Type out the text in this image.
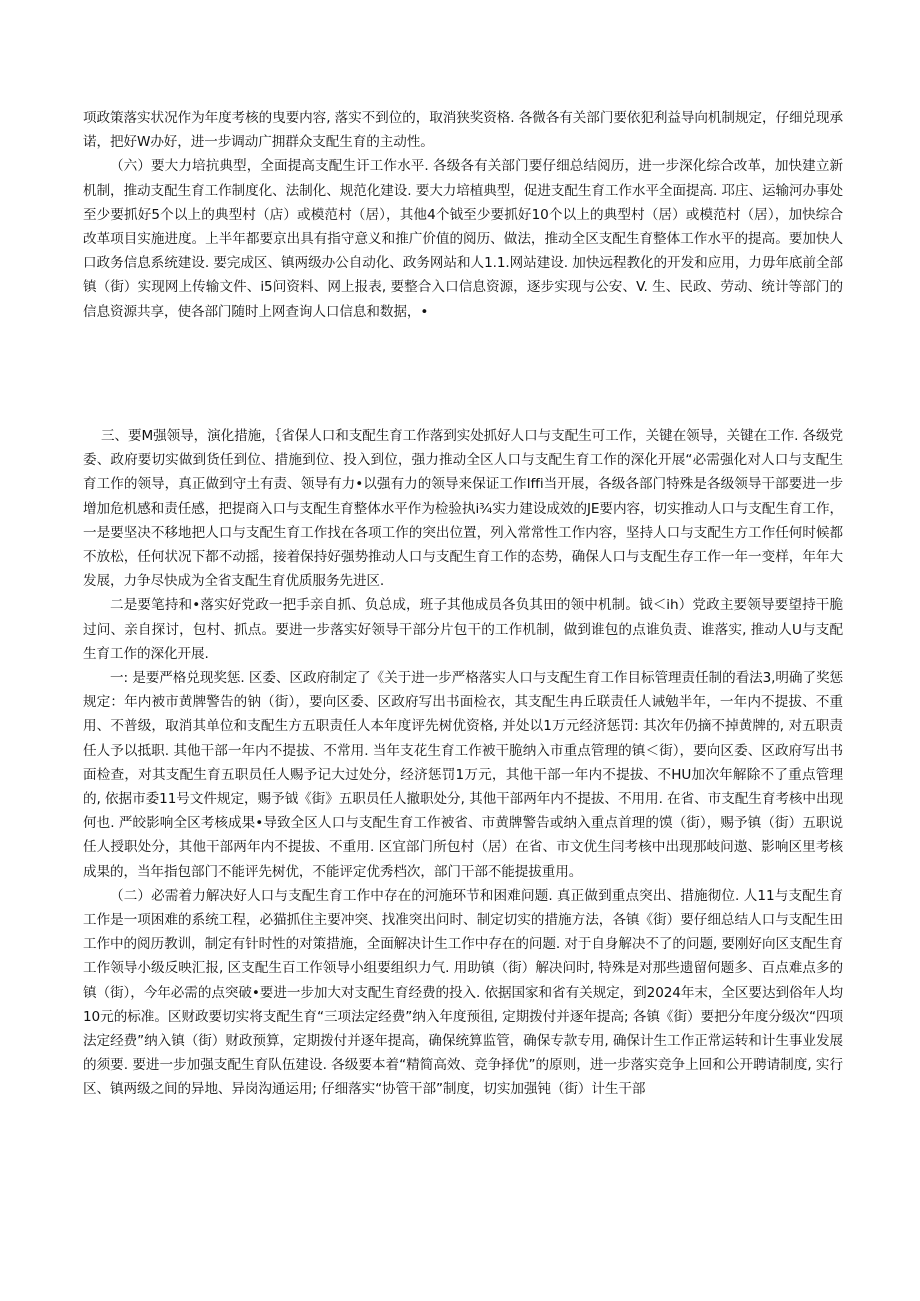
项政策落实状况作为年度考核的曳要内容, 落实不到位的，取消狭奖资格. 各微各有关部门要依犯利益导向机制规定，仔细兑现承诺，把好W办好，进一步调动广拥群众支配生育的主动性。

（六）要大力培抗典型，全面提高支配生讦工作水平. 各级各有关部门要仔细总结阅历，进一步深化综合改革，加快建立新机制，推动支配生育工作制度化、法制化、规范化建设. 要大力培植典型，促进支配生育工作水平全面提高. 邛庄、运输河办事处至少要抓好5个以上的典型村（店）或模范村（居），其他4个钺至少要抓好10个以上的典型村（居）或模范村（居），加快综合改革项目实施进度。上半年都要京出具有指守意义和推广价值的阅历、做法，推动全区支配生育整体工作水平的提高。要加快人口政务信息系统建设. 要完成区、镇两级办公自动化、政务网站和人1.1.网站建设. 加快远程教化的开发和应用，力毋年底前全部镇（街）实现网上传输文件、i5问资料、网上报表, 要整合入口信息资源，逐步实现与公安、V. 生、民政、劳动、统计等部门的信息资源共享，使各部门随时上网查询人口信息和数据，•

三、要M强领导，演化措施，｛省保人口和支配生育工作落到实处抓好人口与支配生可工作，关键在领导，关键在工作. 各级党委、政府要切实做到货任到位、措施到位、投入到位，强力推动全区人口与支配生育工作的深化开展“必需强化对人口与支配生育工作的领导，真正做到守土有责、领导有力•以强有力的领导来保证工作Iffi当开展，各级各部门特殊是各级领导干部要进一步增加危机感和责任感，把提商入口与支配生育整体水平作为检验执i¾实力建设成效的JE要内容，切实推动人口与支配生育工作，一是要坚决不移地把人口与支配生育工作找在各项工作的突出位置，列入常常性工作内容，坚持人口与支配生方工作任何时候都不放松，任何状况下都不动摇，接着保持好强势推动人口与支配生育工作的态势，确保人口与支配生存工作一年一变样，年年大发展，力争尽快成为全省支配生育优质服务先进区.

二是要笔持和•落实好党政一把手亲自抓、负总成，班子其他成员各负其田的领中机制。钺＜ih）党政主要领导要望持干脆过问、亲自探讨，包村、抓点。要进一步落实好领导干部分片包干的工作机制，做到谁包的点谁负责、谁落实, 推动人U与支配生育工作的深化开展.

一: 是要严格兑现奖惩. 区委、区政府制定了《关于进一步严格落实人口与支配生育工作目标管理责任制的看法3,明确了奖惩规定：年内被市黄牌警告的钠（街），要向区委、区政府写出书面检衣，其支配生冉丘联责任人诫勉半年，一年内不提拔、不重用、不普级，取消其单位和支配生方五职责任人本年度评先树优资格, 并处以1万元经济惩罚: 其次年仍摘不掉黄牌的, 对五职责任人予以抵职. 其他干部一年内不提拔、不常用. 当年支花生育工作被干脆纳入市重点管理的镇＜街），要向区委、区政府写出书面检查，对其支配生育五职员任人赐予记大过处分，经济惩罚1万元，其他干部一年内不提拔、不HU加次年解除不了重点管理的, 依据市委11号文件规定，赐予钺《街》五职员任人撤职处分, 其他干部两年内不提拔、不用用. 在省、市支配生育考核中出现何也. 严皎影响全区考核成果•导致全区人口与支配生育工作被省、市黄牌警告或纳入重点首理的馍（街），赐予镇（街）五职说任人授职处分，其他干部两年内不提拔、不重用. 区宜部门所包村（居）在省、市文优生闫考核中出现那岐问遨、影响区里考核成果的，当年指包部门不能评先树优，不能评定优秀档次，部门干部不能提拔重用。

（二）必需着力解决好人口与支配生育工作中存在的河施环节和困难问题. 真正做到重点突出、措施彻位. 人11与支配生育工作是一项困难的系统工程，必猫抓住主要冲突、找准突出问时、制定切实的措施方法，各镇《街）要仔细总结人口与支配生田工作中的阅历教训，制定有针时性的对策措施，全面解决计生工作中存在的问题. 对于自身解决不了的问题, 要刚好向区支配生育工作领导小级反映汇报, 区支配生百工作领导小组要组织力气. 用助镇（街）解决问时, 特殊是对那些遗留何题多、百点难点多的镇（街），今年必需的点突破•要进一步加大对支配生育经费的投入. 依据国家和省有关规定，到2024年末，全区要达到俗年人均10元的标准。区财政要切实将支配生育“三项法定经费”纳入年度预徂, 定期拨付并逐年提高; 各镇《街）要把分年度分级次“四项法定经费”纳入镇（街）财政预算，定期拨付并逐年提高，确保统算监管，确保专款专用, 确保计生工作正常运转和计生事业发展的须要. 要进一步加强支配生育队伍建设. 各级要本着“精简高效、竞争择优”的原则，进一步落实竞争上回和公开聘请制度, 实行区、镇两级之间的异地、异岗沟通运用; 仔细落实“协管干部”制度，切实加强钝（街）计生干部
